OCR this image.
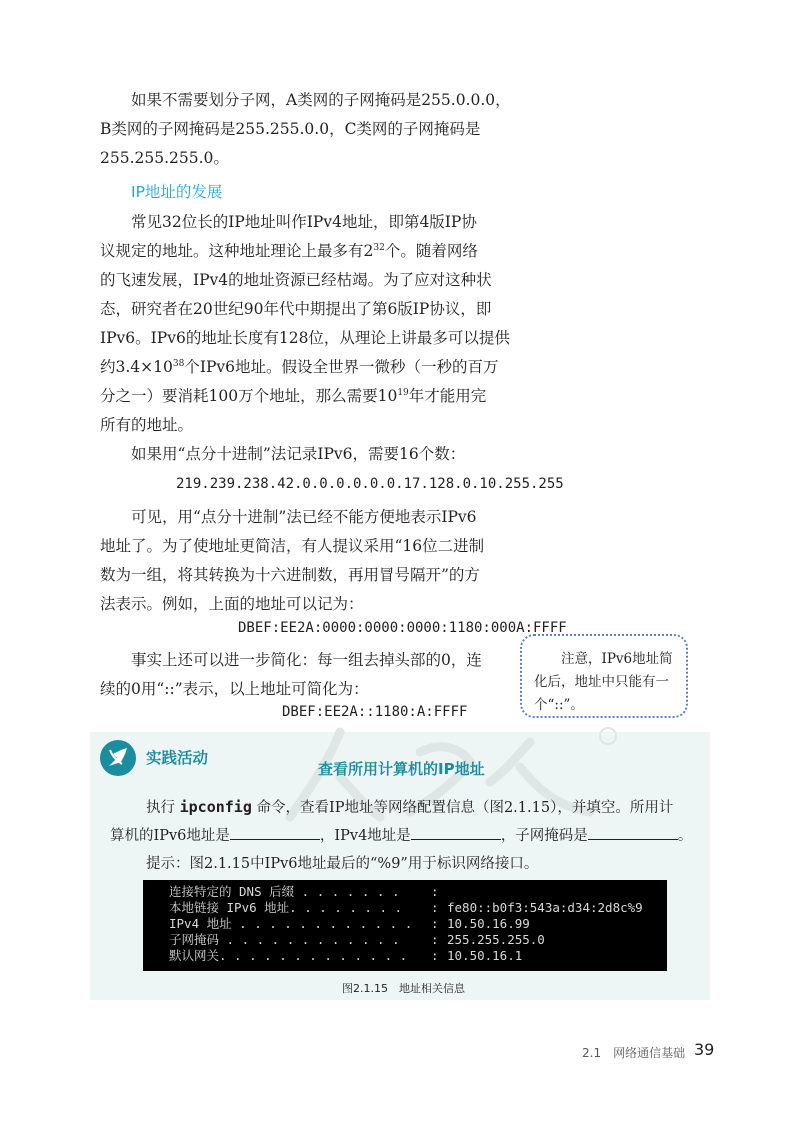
如果不需要划分子网，A类网的子网掩码是255.0.0.0，
B类网的子网掩码是255.255.0.0，C类网的子网掩码是
255.255.255.0。
IP地址的发展
常见32位长的IP地址叫作IPv4地址，即第4版IP协
议规定的地址。这种地址理论上最多有$2^{32}$个。随着网络
的飞速发展，IPv4的地址资源已经枯竭。为了应对这种状
态，研究者在20世纪90年代中期提出了第6版IP协议，即
IPv6。IPv6的地址长度有128位，从理论上讲最多可以提供
约$3.4\times 10^{38}$个IPv6地址。假设全世界一微秒（一秒的百万
分之一）要消耗100万个地址，那么需要$10^{19}$年才能用完
所有的地址。
如果用“点分十进制”法记录IPv6，需要16个数：
219.239.238.42.0.0.0.0.0.0.17.128.0.10.255.255
可见，用“点分十进制”法已经不能方便地表示IPv6
地址了。为了使地址更简洁，有人提议采用“16位二进制
数为一组，将其转换为十六进制数，再用冒号隔开”的方
法表示。例如，上面的地址可以记为：
DBEF:EE2A:0000:0000:0000:1180:000A:FFFF
事实上还可以进一步简化：每一组去掉头部的0，连
续的0用“::”表示，以上地址可简化为：
DBEF:EE2A::1180:A:FFFF
注意，IPv6地址简
化后，地址中只能有一
个“::”。
实践活动
查看所用计算机的IP地址
执行 ipconfig 命令，查看IP地址等网络配置信息（图2.1.15），并填空。所用计
算机的IPv6地址是	，IPv4地址是	，子网掩码是	。
提示：图2.1.15中IPv6地址最后的“%9”用于标识网络接口。
连接特定的 DNS 后缀 . . . . . . .	:
本地链接 IPv6 地址. . . . . . . .	: fe80::b0f3:543a:d34:2d8c%9
IPv4 地址 . . . . . . . . . . . .	: 10.50.16.99
子网掩码 . . . . . . . . . . . .	: 255.255.255.0
默认网关. . . . . . . . . . . . .	: 10.50.16.1
图2.1.15　地址相关信息
2.1　网络通信基础 39
